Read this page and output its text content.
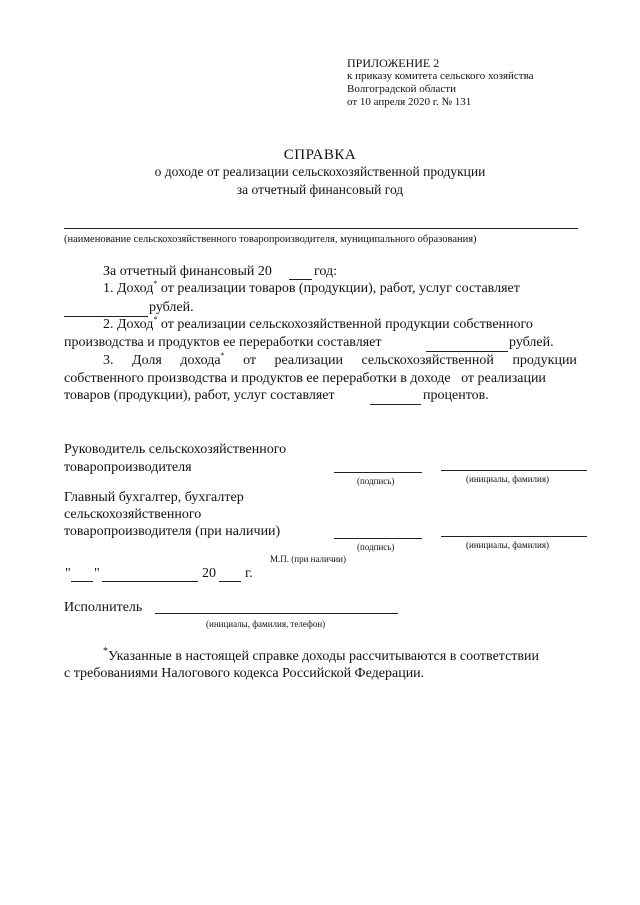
ПРИЛОЖЕНИЕ 2
к приказу комитета сельского хозяйства
Волгоградской области
от 10 апреля 2020 г. № 131
СПРАВКА
о доходе от реализации сельскохозяйственной продукции
за отчетный финансовый год
(наименование сельскохозяйственного товаропроизводителя, муниципального образования)
За отчетный финансовый 20	год:
1. Доход* от реализации товаров (продукции), работ, услуг составляет
рублей.
2. Доход* от реализации сельскохозяйственной продукции собственного
производства и продуктов ее переработки составляет	рублей.
3. Доля дохода* от реализации сельскохозяйственной продукции
собственного производства и продуктов ее переработки в доходе   от реализации
товаров (продукции), работ, услуг составляет	процентов.
Руководитель сельскохозяйственного
товаропроизводителя
(подпись)	(инициалы, фамилия)
Главный бухгалтер, бухгалтер
сельскохозяйственного
товаропроизводителя (при наличии)
(подпись)	(инициалы, фамилия)
М.П. (при наличии)
" "	20 г.
Исполнитель
(инициалы, фамилия, телефон)
*Указанные в настоящей справке доходы рассчитываются в соответствии
с требованиями Налогового кодекса Российской Федерации.
